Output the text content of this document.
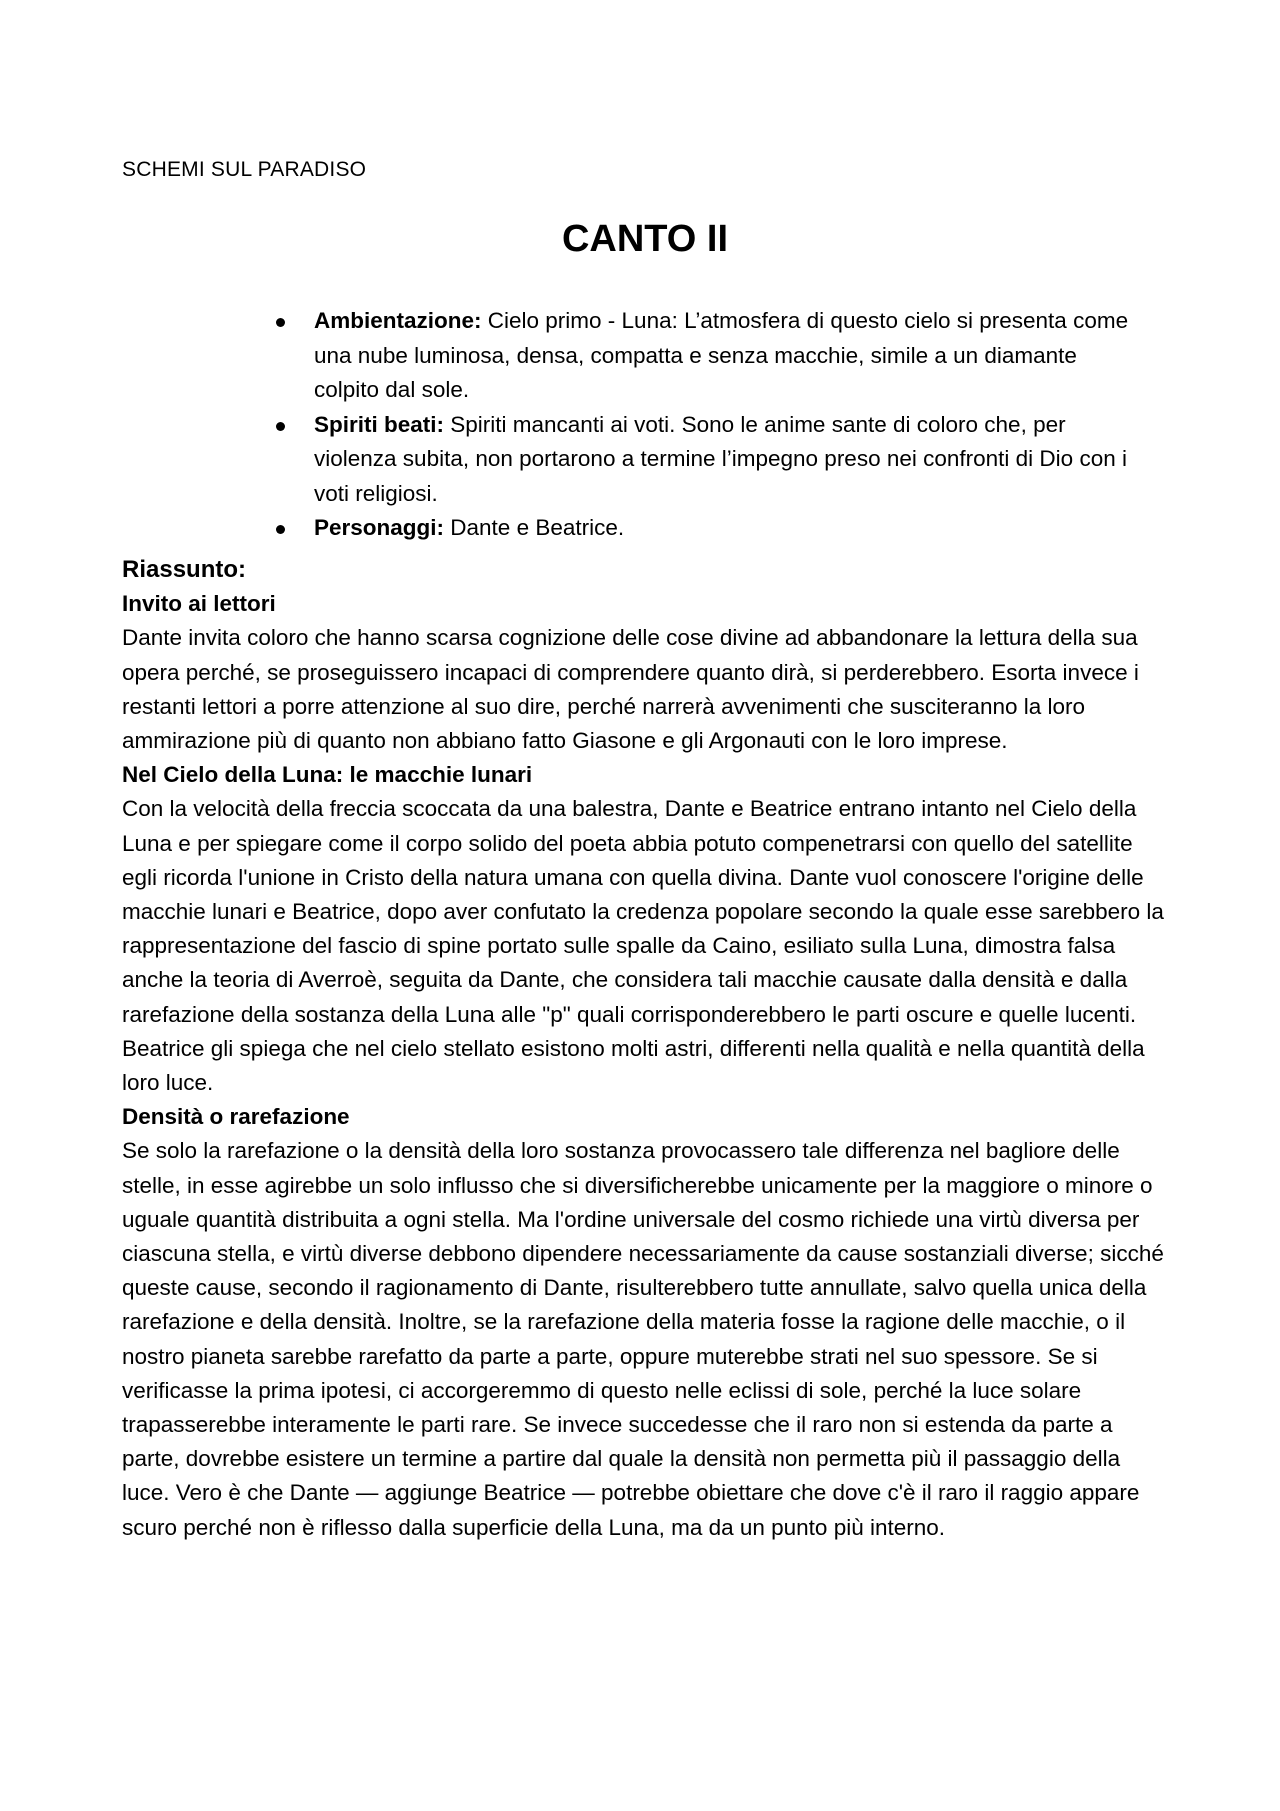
SCHEMI SUL PARADISO
CANTO II
Ambientazione: Cielo primo - Luna: L’atmosfera di questo cielo si presenta come una nube luminosa, densa, compatta e senza macchie, simile a un diamante colpito dal sole.
Spiriti beati: Spiriti mancanti ai voti. Sono le anime sante di coloro che, per violenza subita, non portarono a termine l’impegno preso nei confronti di Dio con i voti religiosi.
Personaggi: Dante e Beatrice.

Riassunto:

Invito ai lettori

Dante invita coloro che hanno scarsa cognizione delle cose divine ad abbandonare la lettura della sua opera perché, se proseguissero incapaci di comprendere quanto dirà, si perderebbero. Esorta invece i restanti lettori a porre attenzione al suo dire, perché narrerà avvenimenti che susciteranno la loro ammirazione più di quanto non abbiano fatto Giasone e gli Argonauti con le loro imprese.

Nel Cielo della Luna: le macchie lunari

Con la velocità della freccia scoccata da una balestra, Dante e Beatrice entrano intanto nel Cielo della Luna e per spiegare come il corpo solido del poeta abbia potuto compenetrarsi con quello del satellite egli ricorda l'unione in Cristo della natura umana con quella divina. Dante vuol conoscere l'origine delle macchie lunari e Beatrice, dopo aver confutato la credenza popolare secondo la quale esse sarebbero la rappresentazione del fascio di spine portato sulle spalle da Caino, esiliato sulla Luna, dimostra falsa anche la teoria di Averroè, seguita da Dante, che considera tali macchie causate dalla densità e dalla rarefazione della sostanza della Luna alle "p" quali corrisponderebbero le parti oscure e quelle lucenti. Beatrice gli spiega che nel cielo stellato esistono molti astri, differenti nella qualità e nella quantità della loro luce.

Densità o rarefazione

Se solo la rarefazione o la densità della loro sostanza provocassero tale differenza nel bagliore delle stelle, in esse agirebbe un solo influsso che si diversificherebbe unicamente per la maggiore o minore o uguale quantità distribuita a ogni stella. Ma l'ordine universale del cosmo richiede una virtù diversa per ciascuna stella, e virtù diverse debbono dipendere necessariamente da cause sostanziali diverse; sicché queste cause, secondo il ragionamento di Dante, risulterebbero tutte annullate, salvo quella unica della rarefazione e della densità. Inoltre, se la rarefazione della materia fosse la ragione delle macchie, o il nostro pianeta sarebbe rarefatto da parte a parte, oppure muterebbe strati nel suo spessore. Se si verificasse la prima ipotesi, ci accorgeremmo di questo nelle eclissi di sole, perché la luce solare trapasserebbe interamente le parti rare. Se invece succedesse che il raro non si estenda da parte a parte, dovrebbe esistere un termine a partire dal quale la densità non permetta più il passaggio della luce. Vero è che Dante — aggiunge Beatrice — potrebbe obiettare che dove c'è il raro il raggio appare scuro perché non è riflesso dalla superficie della Luna, ma da un punto più interno.
